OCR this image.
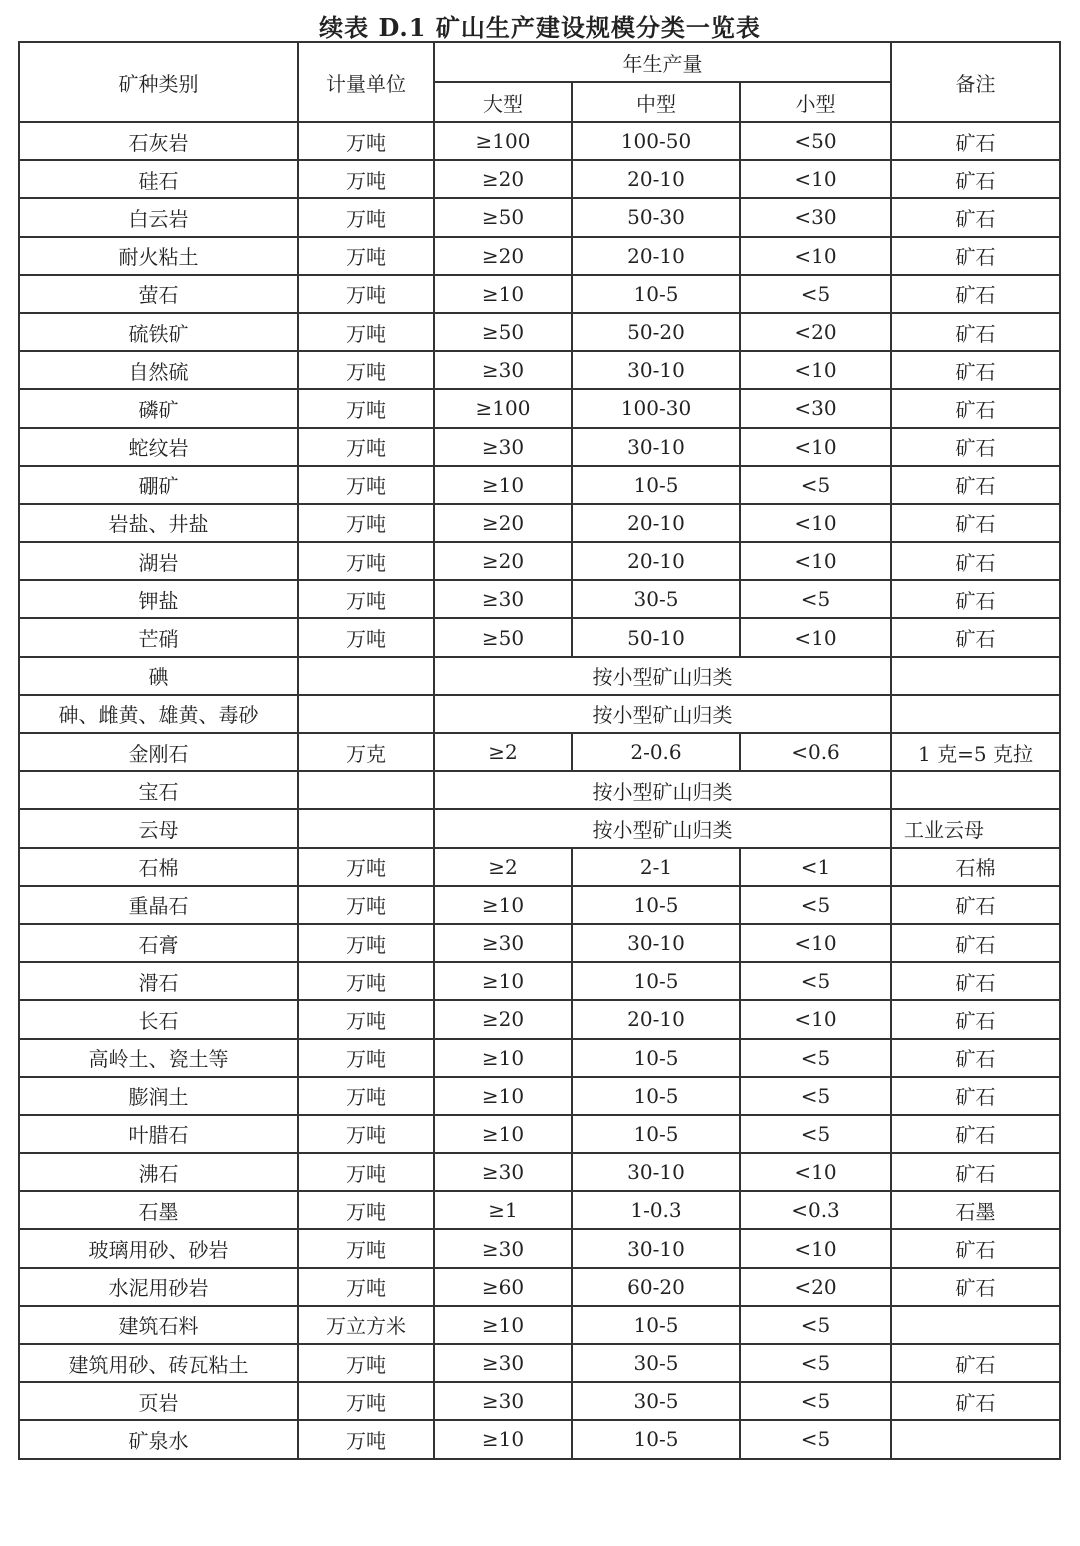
续表 D.1 矿山生产建设规模分类一览表
矿种类别	计量单位	年生产量			备注
		大型	中型	小型	
石灰岩	万吨	≥100	100-50	<50	矿石
硅石	万吨	≥20	20-10	<10	矿石
白云岩	万吨	≥50	50-30	<30	矿石
耐火粘土	万吨	≥20	20-10	<10	矿石
萤石	万吨	≥10	10-5	<5	矿石
硫铁矿	万吨	≥50	50-20	<20	矿石
自然硫	万吨	≥30	30-10	<10	矿石
磷矿	万吨	≥100	100-30	<30	矿石
蛇纹岩	万吨	≥30	30-10	<10	矿石
硼矿	万吨	≥10	10-5	<5	矿石
岩盐、井盐	万吨	≥20	20-10	<10	矿石
湖岩	万吨	≥20	20-10	<10	矿石
钾盐	万吨	≥30	30-5	<5	矿石
芒硝	万吨	≥50	50-10	<10	矿石
碘		按小型矿山归类			
砷、雌黄、雄黄、毒砂		按小型矿山归类			
金刚石	万克	≥2	2-0.6	<0.6	1 克=5 克拉
宝石		按小型矿山归类			
云母		按小型矿山归类			工业云母
石棉	万吨	≥2	2-1	<1	石棉
重晶石	万吨	≥10	10-5	<5	矿石
石膏	万吨	≥30	30-10	<10	矿石
滑石	万吨	≥10	10-5	<5	矿石
长石	万吨	≥20	20-10	<10	矿石
高岭土、瓷土等	万吨	≥10	10-5	<5	矿石
膨润土	万吨	≥10	10-5	<5	矿石
叶腊石	万吨	≥10	10-5	<5	矿石
沸石	万吨	≥30	30-10	<10	矿石
石墨	万吨	≥1	1-0.3	<0.3	石墨
玻璃用砂、砂岩	万吨	≥30	30-10	<10	矿石
水泥用砂岩	万吨	≥60	60-20	<20	矿石
建筑石料	万立方米	≥10	10-5	<5	
建筑用砂、砖瓦粘土	万吨	≥30	30-5	<5	矿石
页岩	万吨	≥30	30-5	<5	矿石
矿泉水	万吨	≥10	10-5	<5	
